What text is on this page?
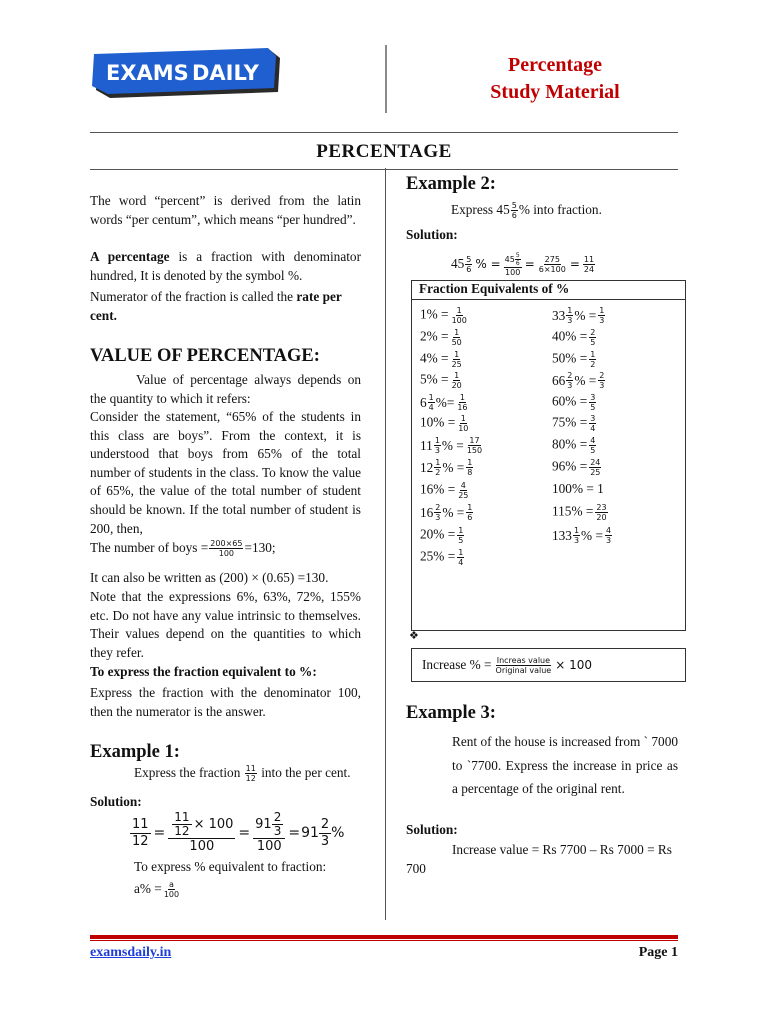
EXAMS DAILY	Percentage
Study Material
PERCENTAGE
The word “percent” is derived from the latin words “per centum”, which means “per hundred”.
A percentage is a fraction with denominator hundred, It is denoted by the symbol %.
Numerator of the fraction is called the rate per cent.
VALUE OF PERCENTAGE:
Value of percentage always depends on the quantity to which it refers:
Consider the statement, “65% of the students in this class are boys”. From the context, it is understood that boys from 65% of the total number of students in the class. To know the value of 65%, the value of the total number of student should be known. If the total number of student is 200, then,
The number of boys = $\frac{200\times 65}{100} =130$;
It can also be written as (200) × (0.65) =130.
Note that the expressions 6%, 63%, 72%, 155% etc. Do not have any value intrinsic to themselves. Their values depend on the quantities to which they refer.
To express the fraction equivalent to %:
Express the fraction with the denominator 100, then the numerator is the answer.
Example 1:
Express the fraction $\frac{11}{12}$ into the per cent.
Solution:
$\frac{11}{12} = \frac{\frac{11}{12} \times 100}{100} = \frac{91 \frac{2}{3}}{100} = 91 \frac{2}{3}$ %
To express % equivalent to fraction:
$a\% = \frac{a}{100}$
Example 2:
Express $45 \frac{5}{6}$ % into fraction.
Solution:
$45 \frac{5}{6}$ % = $\frac{45 \frac{5}{6}}{100} = \frac{275}{6\times 100} = \frac{11}{24}$
Fraction Equivalents of %
$1\% = \frac{1}{100}$
$2\% = \frac{1}{50}$
$4\% = \frac{1}{25}$
$5\% = \frac{1}{20}$
$6 \frac{1}{4}$ %= $\frac{1}{16}$
$10\% = \frac{1}{10}$
$11 \frac{1}{3}$ % = $\frac{17}{150}$
$12 \frac{1}{2}$ % = $\frac{1}{8}$
$16\% = \frac{4}{25}$
$16 \frac{2}{3}$ % = $\frac{1}{6}$
$20\% = \frac{1}{5}$
$25\% = \frac{1}{4}$
$33 \frac{1}{3}$ % = $\frac{1}{3}$
$40\% = \frac{2}{5}$
$50\% = \frac{1}{2}$
$66 \frac{2}{3}$ % = $\frac{2}{3}$
$60\% = \frac{3}{5}$
$75\% = \frac{3}{4}$
$80\% = \frac{4}{5}$
$96\% = \frac{24}{25}$
100% = 1
$115\% = \frac{23}{20}$
$133 \frac{1}{3}$ % = $\frac{4}{3}$
❖
Increase % = Increas value
Original value × 100
Example 3:
Rent of the house is increased from ` 7000 to `7700. Express the increase in price as a percentage of the original rent.
Solution:
Increase value = Rs 7700 – Rs 7000 = Rs 700
examsdaily.in	Page 1
